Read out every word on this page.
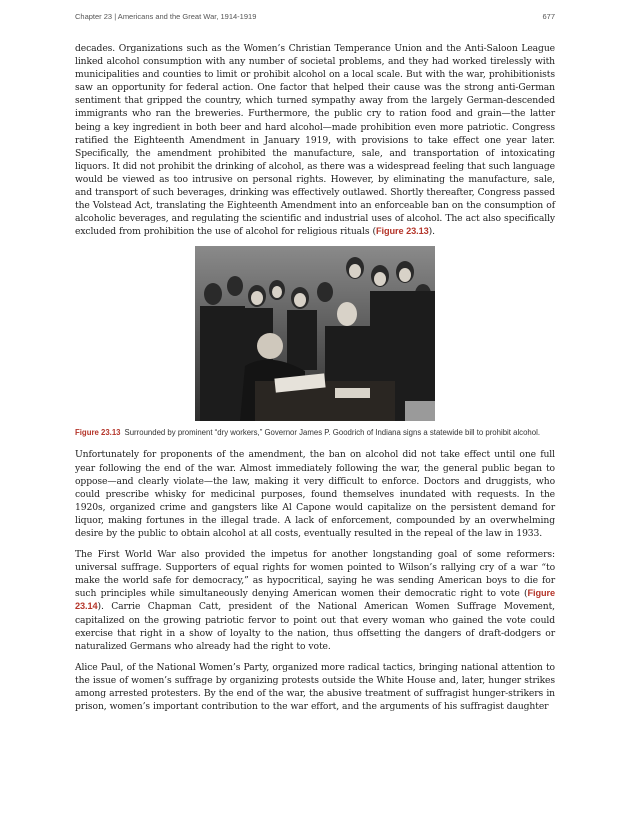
Chapter 23 | Americans and the Great War, 1914-1919	677

decades. Organizations such as the Women’s Christian Temperance Union and the Anti-Saloon League linked alcohol consumption with any number of societal problems, and they had worked tirelessly with municipalities and counties to limit or prohibit alcohol on a local scale. But with the war, prohibitionists saw an opportunity for federal action. One factor that helped their cause was the strong anti-German sentiment that gripped the country, which turned sympathy away from the largely German-descended immigrants who ran the breweries. Furthermore, the public cry to ration food and grain—the latter being a key ingredient in both beer and hard alcohol—made prohibition even more patriotic. Congress ratified the Eighteenth Amendment in January 1919, with provisions to take effect one year later. Specifically, the amendment prohibited the manufacture, sale, and transportation of intoxicating liquors. It did not prohibit the drinking of alcohol, as there was a widespread feeling that such language would be viewed as too intrusive on personal rights. However, by eliminating the manufacture, sale, and transport of such beverages, drinking was effectively outlawed. Shortly thereafter, Congress passed the Volstead Act, translating the Eighteenth Amendment into an enforceable ban on the consumption of alcoholic beverages, and regulating the scientific and industrial uses of alcohol. The act also specifically excluded from prohibition the use of alcohol for religious rituals (Figure 23.13).

Figure 23.13 Surrounded by prominent “dry workers,” Governor James P. Goodrich of Indiana signs a statewide bill to prohibit alcohol.

Unfortunately for proponents of the amendment, the ban on alcohol did not take effect until one full year following the end of the war. Almost immediately following the war, the general public began to oppose—and clearly violate—the law, making it very difficult to enforce. Doctors and druggists, who could prescribe whisky for medicinal purposes, found themselves inundated with requests. In the 1920s, organized crime and gangsters like Al Capone would capitalize on the persistent demand for liquor, making fortunes in the illegal trade. A lack of enforcement, compounded by an overwhelming desire by the public to obtain alcohol at all costs, eventually resulted in the repeal of the law in 1933.

The First World War also provided the impetus for another longstanding goal of some reformers: universal suffrage. Supporters of equal rights for women pointed to Wilson’s rallying cry of a war “to make the world safe for democracy,” as hypocritical, saying he was sending American boys to die for such principles while simultaneously denying American women their democratic right to vote (Figure 23.14). Carrie Chapman Catt, president of the National American Women Suffrage Movement, capitalized on the growing patriotic fervor to point out that every woman who gained the vote could exercise that right in a show of loyalty to the nation, thus offsetting the dangers of draft-dodgers or naturalized Germans who already had the right to vote.

Alice Paul, of the National Women’s Party, organized more radical tactics, bringing national attention to the issue of women’s suffrage by organizing protests outside the White House and, later, hunger strikes among arrested protesters. By the end of the war, the abusive treatment of suffragist hunger-strikers in prison, women’s important contribution to the war effort, and the arguments of his suffragist daughter
